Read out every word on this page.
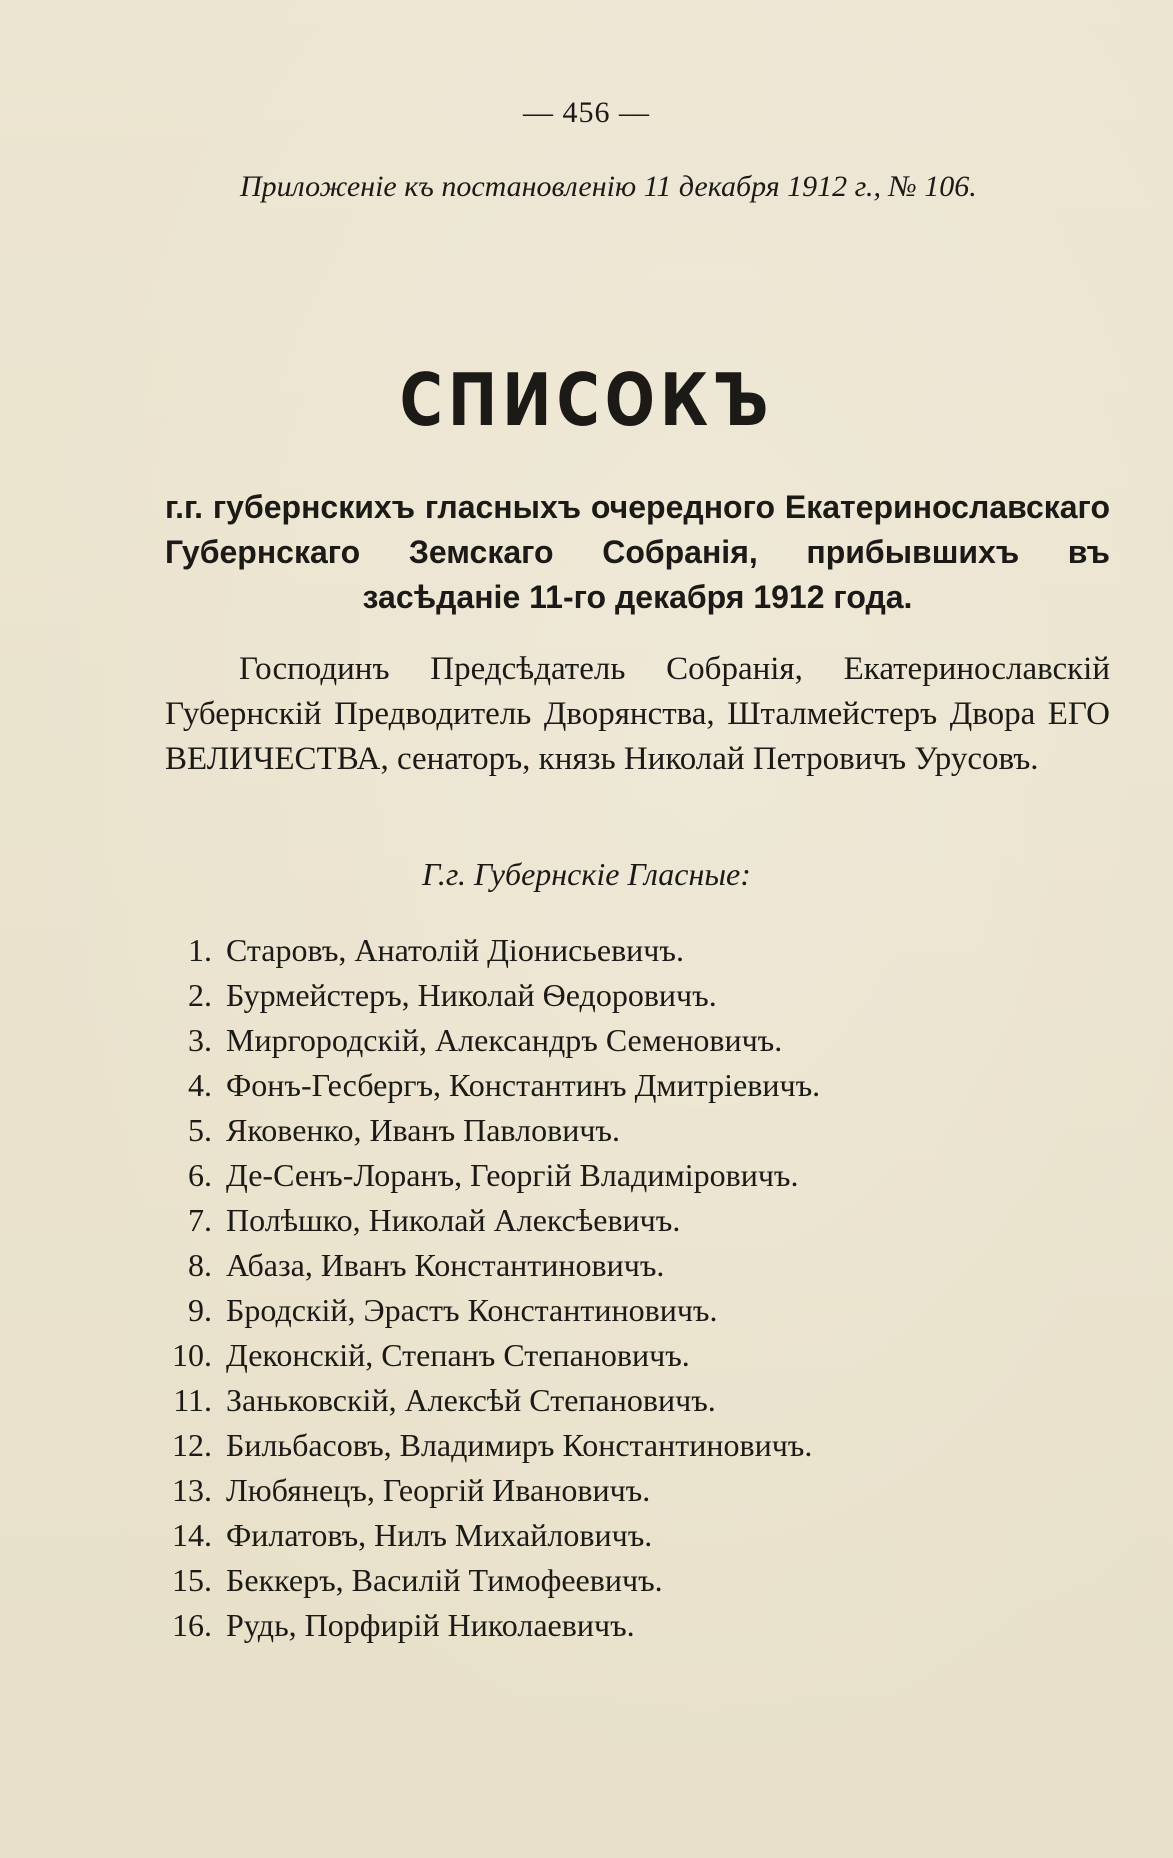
— 456 —
Приложеніе къ постановленію 11 декабря 1912 г., № 106.
СПИСОКЪ
г.г. губернскихъ гласныхъ очередного Екатеринославскаго Губернскаго Земскаго Собранія, прибывшихъ въ засѣданіе 11-го декабря 1912 года.
Господинъ Предсѣдатель Собранія, Екатеринославскій Губернскій Предводитель Дворянства, Шталмейстеръ Двора ЕГО ВЕЛИЧЕСТВА, сенаторъ, князь Николай Петровичъ Урусовъ.
Г.г. Губернскіе Гласные:
1. Старовъ, Анатолій Діонисьевичъ.
2. Бурмейстеръ, Николай Ѳедоровичъ.
3. Миргородскій, Александръ Семеновичъ.
4. Фонъ-Гесбергъ, Константинъ Дмитріевичъ.
5. Яковенко, Иванъ Павловичъ.
6. Де-Сенъ-Лоранъ, Георгій Владиміровичъ.
7. Полѣшко, Николай Алексѣевичъ.
8. Абаза, Иванъ Константиновичъ.
9. Бродскій, Эрастъ Константиновичъ.
10. Деконскій, Степанъ Степановичъ.
11. Заньковскій, Алексѣй Степановичъ.
12. Бильбасовъ, Владимиръ Константиновичъ.
13. Любянецъ, Георгій Ивановичъ.
14. Филатовъ, Нилъ Михайловичъ.
15. Беккеръ, Василій Тимофеевичъ.
16. Рудь, Порфирій Николаевичъ.
